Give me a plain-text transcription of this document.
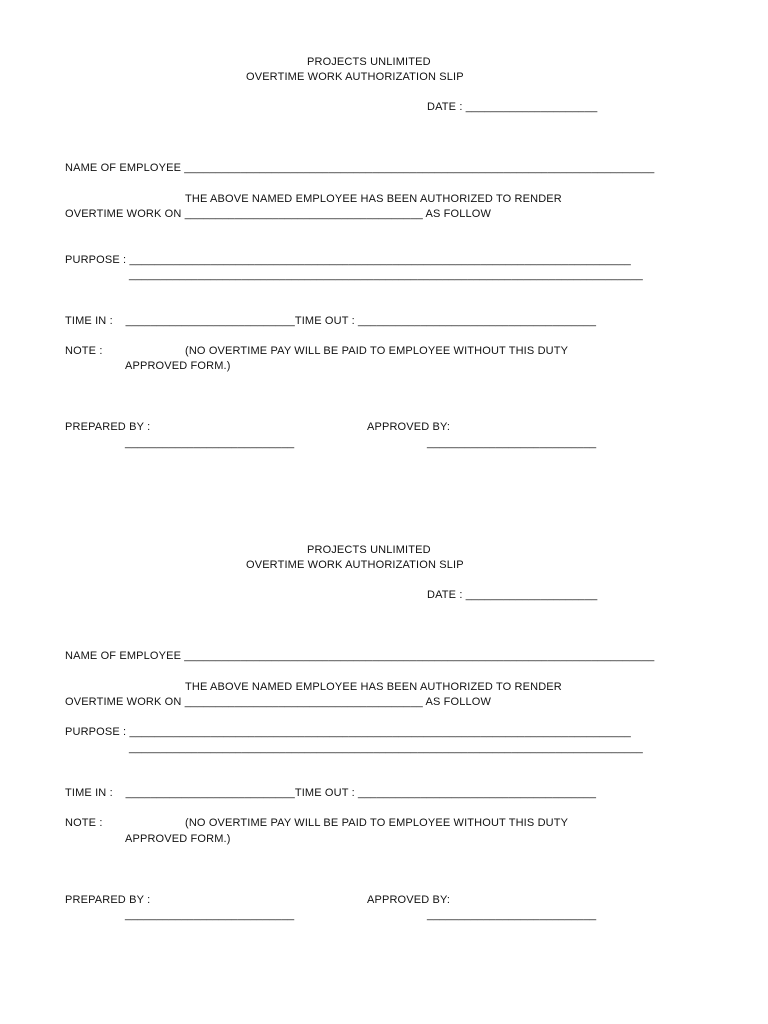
PROJECTS UNLIMITED
OVERTIME WORK AUTHORIZATION SLIP
DATE : _____________________
NAME OF EMPLOYEE ___________________________________________________________________________
THE ABOVE NAMED EMPLOYEE HAS BEEN AUTHORIZED TO RENDER
OVERTIME WORK ON ______________________________________ AS FOLLOW
PURPOSE : ________________________________________________________________________________
__________________________________________________________________________________
TIME IN :    ___________________________TIME OUT : ______________________________________
NOTE :	(NO OVERTIME PAY WILL BE PAID TO EMPLOYEE WITHOUT THIS DUTY
APPROVED FORM.)
PREPARED BY :
___________________________
APPROVED BY:
___________________________
PROJECTS UNLIMITED
OVERTIME WORK AUTHORIZATION SLIP
DATE : _____________________
NAME OF EMPLOYEE ___________________________________________________________________________
THE ABOVE NAMED EMPLOYEE HAS BEEN AUTHORIZED TO RENDER
OVERTIME WORK ON ______________________________________ AS FOLLOW
PURPOSE : ________________________________________________________________________________
__________________________________________________________________________________
TIME IN :    ___________________________TIME OUT : ______________________________________
NOTE :	(NO OVERTIME PAY WILL BE PAID TO EMPLOYEE WITHOUT THIS DUTY
APPROVED FORM.)
PREPARED BY :
___________________________
APPROVED BY:
___________________________
